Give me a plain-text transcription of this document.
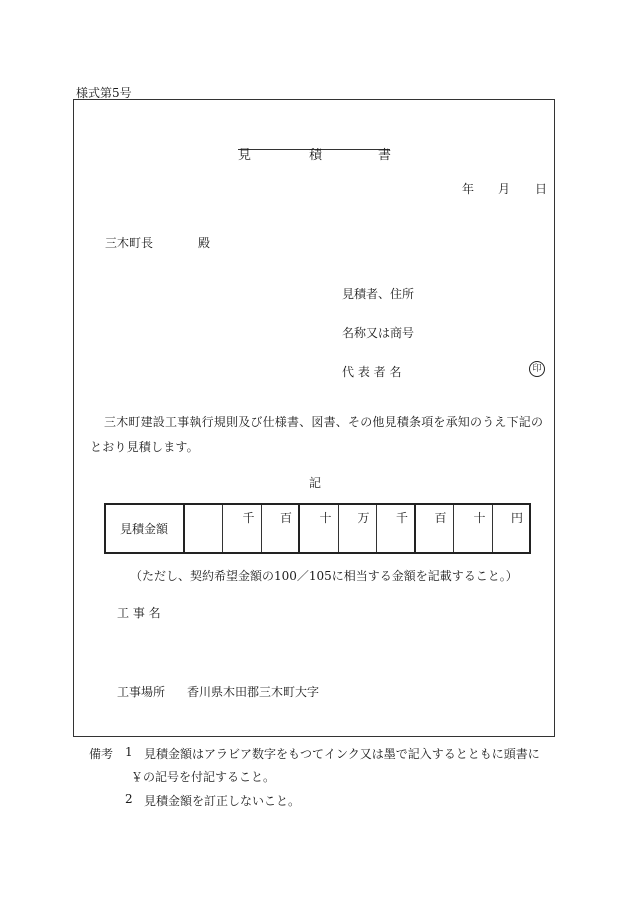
様式第5号
見	積	書
年 月 日
三木町長	殿
見積者、住所
名称又は商号
代 表 者 名	印
三木町建設工事執行規則及び仕様書、図書、その他見積条項を承知のうえ下記のとおり見積します。
記
見積金額		千	百	十	万	千	百	十	円
（ただし、契約希望金額の100／105に相当する金額を記載すること。）
工 事 名
工事場所 香川県木田郡三木町大字
備考 1 見積金額はアラビア数字をもつてインク又は墨で記入するとともに頭書に
￥の記号を付記すること。
2 見積金額を訂正しないこと。
